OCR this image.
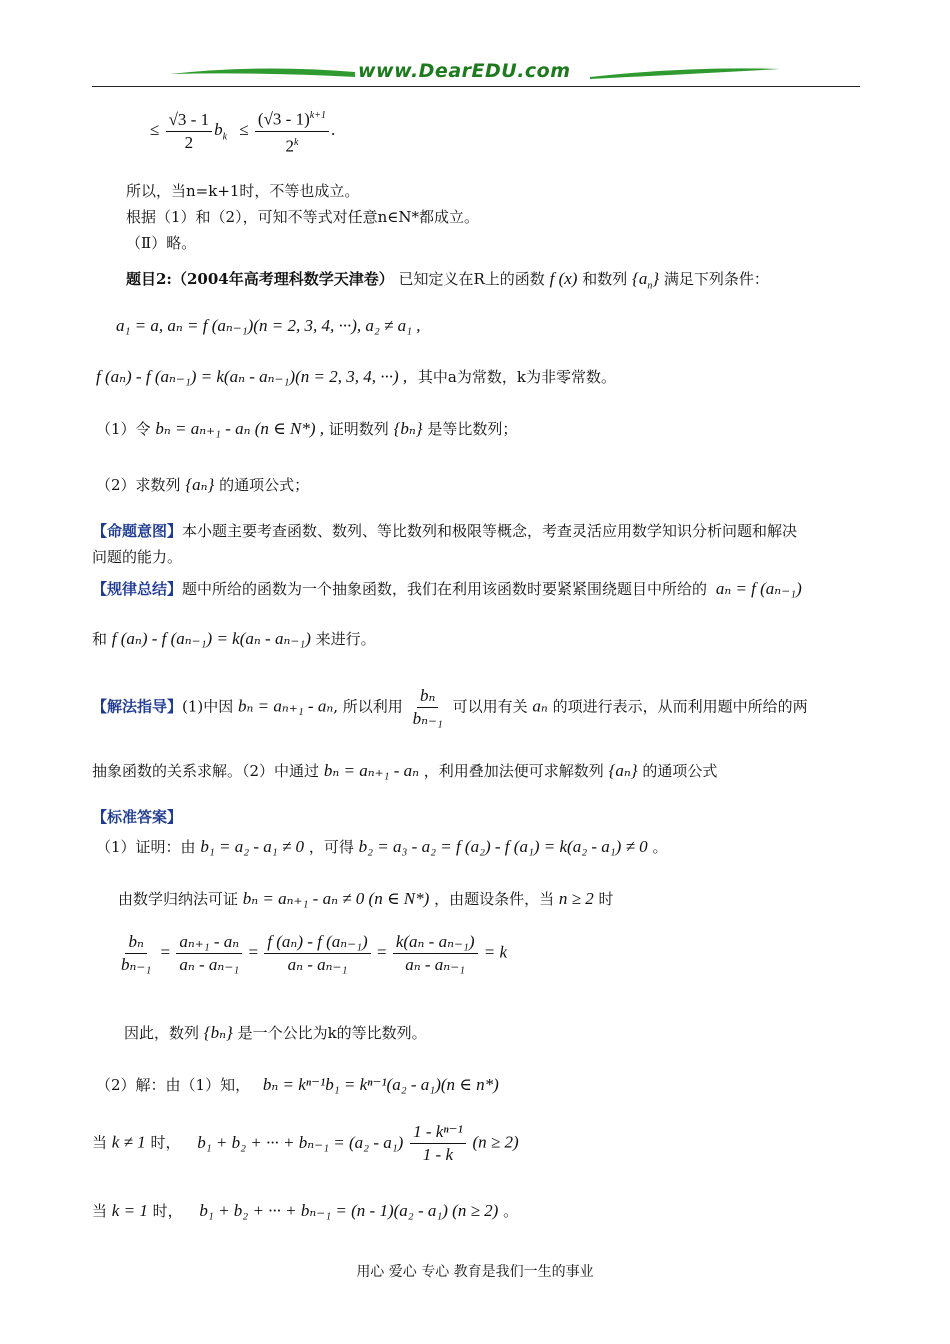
www.DearEDU.com
≤ $\frac{√3 - 1}{2} b_k \le \frac{(√3 - 1)^{k+1}}{2^k}$ .
所以，当n=k+1时，不等也成立。
根据（1）和（2），可知不等式对任意n∈N*都成立。
（Ⅱ）略。
题目2:（2004年高考理科数学天津卷） 已知定义在R上的函数 f (x) 和数列 $\{a_n\}$ 满足下列条件：
a₁ = a, aₙ = f (aₙ₋₁)(n = 2, 3, 4, ···), a₂ ≠ a₁ ,
f (aₙ) - f (aₙ₋₁) = k(aₙ - aₙ₋₁)(n = 2, 3, 4, ···) , 其中a为常数，k为非零常数。
（1）令 bₙ = aₙ₊₁ - aₙ (n ∈ N*) , 证明数列 {bₙ} 是等比数列；
（2）求数列 {aₙ} 的通项公式；
【命题意图】本小题主要考查函数、数列、等比数列和极限等概念，考查灵活应用数学知识分析问题和解决
问题的能力。
【规律总结】题中所给的函数为一个抽象函数，我们在利用该函数时要紧紧围绕题目中所给的 aₙ = f (aₙ₋₁)
和 f (aₙ) - f (aₙ₋₁) = k(aₙ - aₙ₋₁) 来进行。
【解法指导】(1)中因 bₙ = aₙ₊₁ - aₙ, 所以利用 $\frac{\text{bₙ}}{\text{bₙ₋₁}}$ 可以用有关 aₙ 的项进行表示，从而利用题中所给的两
抽象函数的关系求解。（2）中通过 bₙ = aₙ₊₁ - aₙ ，利用叠加法便可求解数列 {aₙ} 的通项公式
【标准答案】
（1）证明：由 b₁ = a₂ - a₁ ≠ 0 ，可得 b₂ = a₃ - a₂ = f (a₂) - f (a₁) = k(a₂ - a₁) ≠ 0 。
由数学归纳法可证 bₙ = aₙ₊₁ - aₙ ≠ 0 (n ∈ N*) ，由题设条件，当 n ≥ 2 时
$\frac{\text{bₙ}}{\text{bₙ₋₁}} = \frac{\text{aₙ₊₁ - aₙ}}{\text{aₙ - aₙ₋₁}} = \frac{\text{f (aₙ) - f (aₙ₋₁)}}{\text{aₙ - aₙ₋₁}} = \frac{\text{k(aₙ - aₙ₋₁)}}{\text{aₙ - aₙ₋₁}} = k$
因此，数列 {bₙ} 是一个公比为k的等比数列。
（2）解：由（1）知， bₙ = kⁿ⁻¹b₁ = kⁿ⁻¹(a₂ - a₁)(n ∈ n*)
当 k ≠ 1 时， b₁ + b₂ + ··· + $b_{n-1} = (a_2 - a_1) \frac{\text{1 - kⁿ⁻¹}}{1 - k} (n \ge 2)$
当 k = 1 时， b₁ + b₂ + ··· + bₙ₋₁ = (n - 1)(a₂ - a₁) (n ≥ 2) 。
用心 爱心 专心 教育是我们一生的事业
